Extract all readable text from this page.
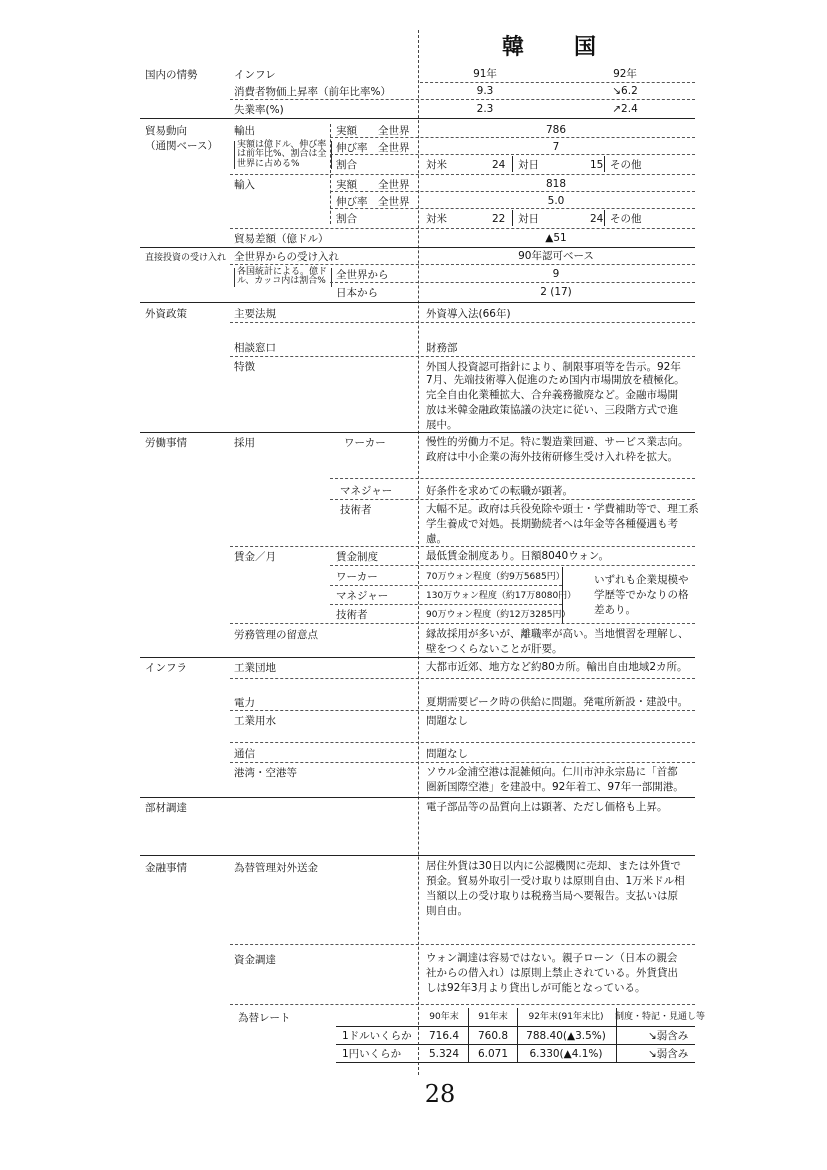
韓　国
国内の情勢	インフレ	91年	92年
消費者物価上昇率（前年比率%）	9.3	↘6.2
失業率(%)	2.3	↗2.4
貿易動向
（通関ベース）
輸出
実額は億ドル、伸び率は前年比%、割合は全世界に占める%
実額 全世界	786
伸び率 全世界	7
割合	対米	24 対日	15 その他
輸入	実額 全世界	818
伸び率 全世界	5.0
割合	対米	22 対日	24 その他
貿易差額（億ドル）	▲51
直接投資の受け入れ 全世界からの受け入れ	90年認可ベース
各国統計による。億ドル、カッコ内は割合%
全世界から	9
日本から	2 (17)
外資政策	主要法規	外資導入法(66年)
相談窓口	財務部
特徴	外国人投資認可指針により、制限事項等を告示。92年
7月、先端技術導入促進のため国内市場開放を積極化。
完全自由化業種拡大、合弁義務撤廃など。金融市場開
放は米韓金融政策協議の決定に従い、三段階方式で進
展中。
労働事情	採用	ワーカー	慢性的労働力不足。特に製造業回避、サービス業志向。
政府は中小企業の海外技術研修生受け入れ枠を拡大。
マネジャー	好条件を求めての転職が顕著。
技術者	大幅不足。政府は兵役免除や頭士・学費補助等で、理工系
学生養成で対処。長期勤続者へは年金等各種優遇も考
慮。
賃金／月	賃金制度	最低賃金制度あり。日額8040ウォン。
ワーカー	70万ウォン程度（約9万5685円）
マネジャー	130万ウォン程度（約17万8080円）
技術者	90万ウォン程度（約12万3285円）
いずれも企業規模や
学歴等でかなりの格
差あり。
労務管理の留意点	縁故採用が多いが、離職率が高い。当地慣習を理解し、
壁をつくらないことが肝要。
インフラ	工業団地	大都市近郊、地方など約80カ所。輸出自由地域2カ所。
電力	夏期需要ピーク時の供給に問題。発電所新設・建設中。
工業用水	問題なし
通信	問題なし
港湾・空港等	ソウル金浦空港は混雑傾向。仁川市沖永宗島に「首都
圏新国際空港」を建設中。92年着工、97年一部開港。
部材調達	電子部品等の品質向上は顕著、ただし価格も上昇。
金融事情	為替管理対外送金	居住外貨は30日以内に公認機関に売却、または外貨で
預金。貿易外取引一受け取りは原則自由、1万米ドル相
当額以上の受け取りは税務当局へ要報告。支払いは原
則自由。
資金調達	ウォン調達は容易ではない。親子ローン（日本の親会
社からの借入れ）は原則上禁止されている。外貨貸出
しは92年3月より貸出しが可能となっている。
為替レート	90年末 91年末 92年末(91年末比) 制度・特記・見通し等
1ドルいくらか 716.4 760.8 788.40(▲3.5%)	↘弱含み
1円いくらか	5.324 6.071 6.330(▲4.1%)	↘弱含み
28
